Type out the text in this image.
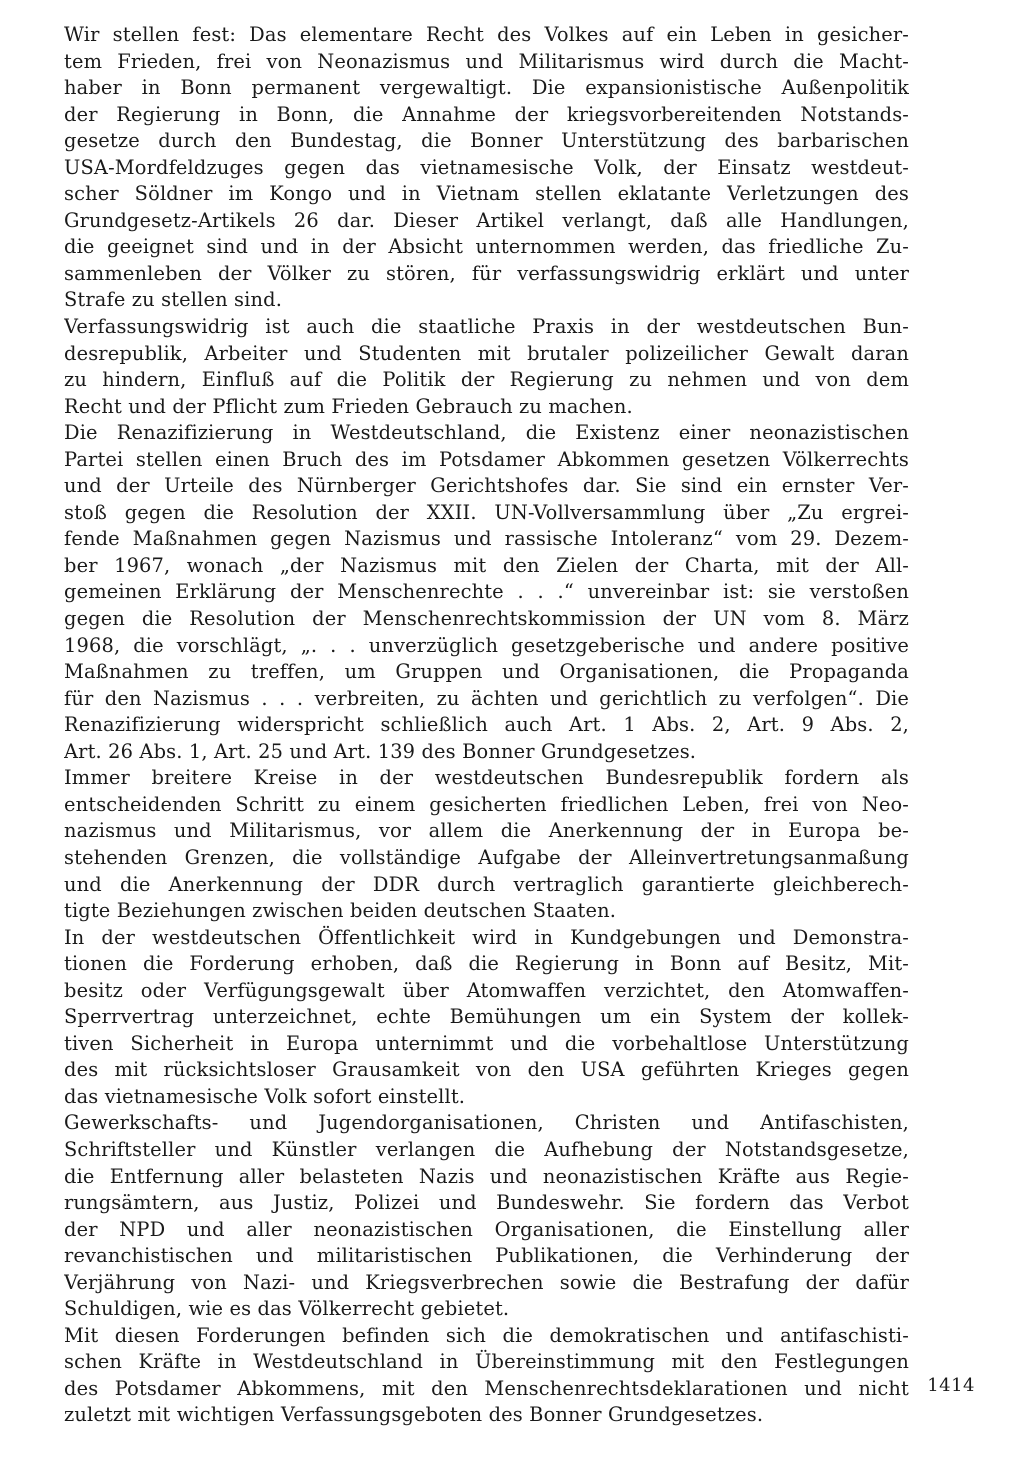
Wir stellen fest: Das elementare Recht des Volkes auf ein Leben in gesicher-
tem Frieden, frei von Neonazismus und Militarismus wird durch die Macht-
haber in Bonn permanent vergewaltigt. Die expansionistische Außenpolitik
der Regierung in Bonn, die Annahme der kriegsvorbereitenden Notstands-
gesetze durch den Bundestag, die Bonner Unterstützung des barbarischen
USA-Mordfeldzuges gegen das vietnamesische Volk, der Einsatz westdeut-
scher Söldner im Kongo und in Vietnam stellen eklatante Verletzungen des
Grundgesetz-Artikels 26 dar. Dieser Artikel verlangt, daß alle Handlungen,
die geeignet sind und in der Absicht unternommen werden, das friedliche Zu-
sammenleben der Völker zu stören, für verfassungswidrig erklärt und unter
Strafe zu stellen sind.
Verfassungswidrig ist auch die staatliche Praxis in der westdeutschen Bun-
desrepublik, Arbeiter und Studenten mit brutaler polizeilicher Gewalt daran
zu hindern, Einfluß auf die Politik der Regierung zu nehmen und von dem
Recht und der Pflicht zum Frieden Gebrauch zu machen.
Die Renazifizierung in Westdeutschland, die Existenz einer neonazistischen
Partei stellen einen Bruch des im Potsdamer Abkommen gesetzen Völkerrechts
und der Urteile des Nürnberger Gerichtshofes dar. Sie sind ein ernster Ver-
stoß gegen die Resolution der XXII. UN-Vollversammlung über „Zu ergrei-
fende Maßnahmen gegen Nazismus und rassische Intoleranz“ vom 29. Dezem-
ber 1967, wonach „der Nazismus mit den Zielen der Charta, mit der All-
gemeinen Erklärung der Menschenrechte . . .“ unvereinbar ist: sie verstoßen
gegen die Resolution der Menschenrechtskommission der UN vom 8. März
1968, die vorschlägt, „. . . unverzüglich gesetzgeberische und andere positive
Maßnahmen zu treffen, um Gruppen und Organisationen, die Propaganda
für den Nazismus . . . verbreiten, zu ächten und gerichtlich zu verfolgen“. Die
Renazifizierung widerspricht schließlich auch Art. 1 Abs. 2, Art. 9 Abs. 2,
Art. 26 Abs. 1, Art. 25 und Art. 139 des Bonner Grundgesetzes.
Immer breitere Kreise in der westdeutschen Bundesrepublik fordern als
entscheidenden Schritt zu einem gesicherten friedlichen Leben, frei von Neo-
nazismus und Militarismus, vor allem die Anerkennung der in Europa be-
stehenden Grenzen, die vollständige Aufgabe der Alleinvertretungsanmaßung
und die Anerkennung der DDR durch vertraglich garantierte gleichberech-
tigte Beziehungen zwischen beiden deutschen Staaten.
In der westdeutschen Öffentlichkeit wird in Kundgebungen und Demonstra-
tionen die Forderung erhoben, daß die Regierung in Bonn auf Besitz, Mit-
besitz oder Verfügungsgewalt über Atomwaffen verzichtet, den Atomwaffen-
Sperrvertrag unterzeichnet, echte Bemühungen um ein System der kollek-
tiven Sicherheit in Europa unternimmt und die vorbehaltlose Unterstützung
des mit rücksichtsloser Grausamkeit von den USA geführten Krieges gegen
das vietnamesische Volk sofort einstellt.
Gewerkschafts- und Jugendorganisationen, Christen und Antifaschisten,
Schriftsteller und Künstler verlangen die Aufhebung der Notstandsgesetze,
die Entfernung aller belasteten Nazis und neonazistischen Kräfte aus Regie-
rungsämtern, aus Justiz, Polizei und Bundeswehr. Sie fordern das Verbot
der NPD und aller neonazistischen Organisationen, die Einstellung aller
revanchistischen und militaristischen Publikationen, die Verhinderung der
Verjährung von Nazi- und Kriegsverbrechen sowie die Bestrafung der dafür
Schuldigen, wie es das Völkerrecht gebietet.
Mit diesen Forderungen befinden sich die demokratischen und antifaschisti-
schen Kräfte in Westdeutschland in Übereinstimmung mit den Festlegungen
des Potsdamer Abkommens, mit den Menschenrechtsdeklarationen und nicht
zuletzt mit wichtigen Verfassungsgeboten des Bonner Grundgesetzes.
1414
